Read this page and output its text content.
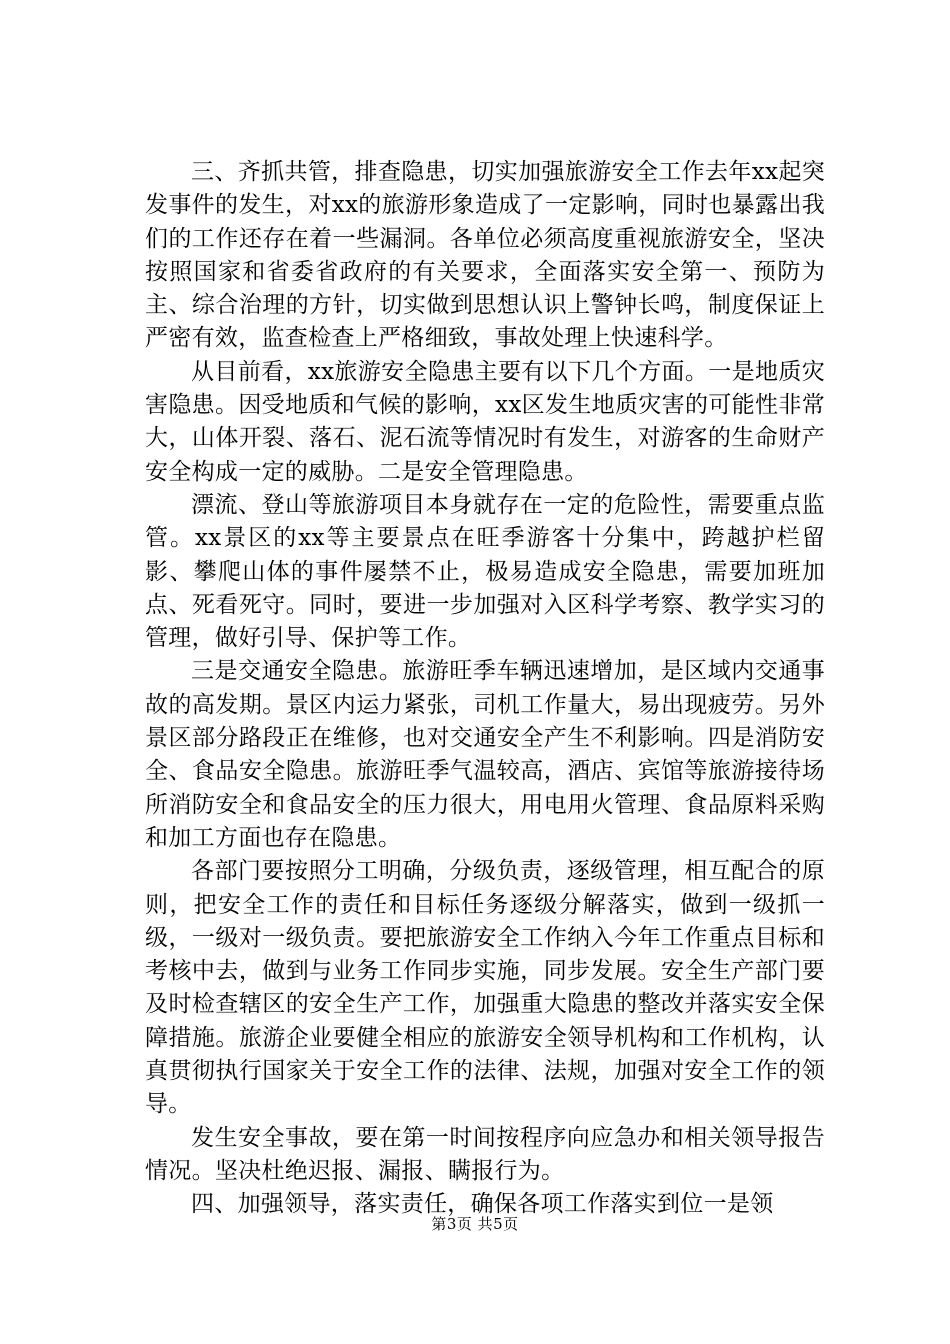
三、齐抓共管，排查隐患，切实加强旅游安全工作去年xx起突发事件的发生，对xx的旅游形象造成了一定影响，同时也暴露出我们的工作还存在着一些漏洞。各单位必须高度重视旅游安全，坚决按照国家和省委省政府的有关要求，全面落实安全第一、预防为主、综合治理的方针，切实做到思想认识上警钟长鸣，制度保证上严密有效，监查检查上严格细致，事故处理上快速科学。

从目前看，xx旅游安全隐患主要有以下几个方面。一是地质灾害隐患。因受地质和气候的影响，xx区发生地质灾害的可能性非常大，山体开裂、落石、泥石流等情况时有发生，对游客的生命财产安全构成一定的威胁。二是安全管理隐患。

漂流、登山等旅游项目本身就存在一定的危险性，需要重点监管。xx景区的xx等主要景点在旺季游客十分集中，跨越护栏留影、攀爬山体的事件屡禁不止，极易造成安全隐患，需要加班加点、死看死守。同时，要进一步加强对入区科学考察、教学实习的管理，做好引导、保护等工作。

三是交通安全隐患。旅游旺季车辆迅速增加，是区域内交通事故的高发期。景区内运力紧张，司机工作量大，易出现疲劳。另外景区部分路段正在维修，也对交通安全产生不利影响。四是消防安全、食品安全隐患。旅游旺季气温较高，酒店、宾馆等旅游接待场所消防安全和食品安全的压力很大，用电用火管理、食品原料采购和加工方面也存在隐患。

各部门要按照分工明确，分级负责，逐级管理，相互配合的原则，把安全工作的责任和目标任务逐级分解落实，做到一级抓一级，一级对一级负责。要把旅游安全工作纳入今年工作重点目标和考核中去，做到与业务工作同步实施，同步发展。安全生产部门要及时检查辖区的安全生产工作，加强重大隐患的整改并落实安全保障措施。旅游企业要健全相应的旅游安全领导机构和工作机构，认真贯彻执行国家关于安全工作的法律、法规，加强对安全工作的领导。

发生安全事故，要在第一时间按程序向应急办和相关领导报告情况。坚决杜绝迟报、漏报、瞒报行为。

四、加强领导，落实责任，确保各项工作落实到位一是领

第3页 共5页
